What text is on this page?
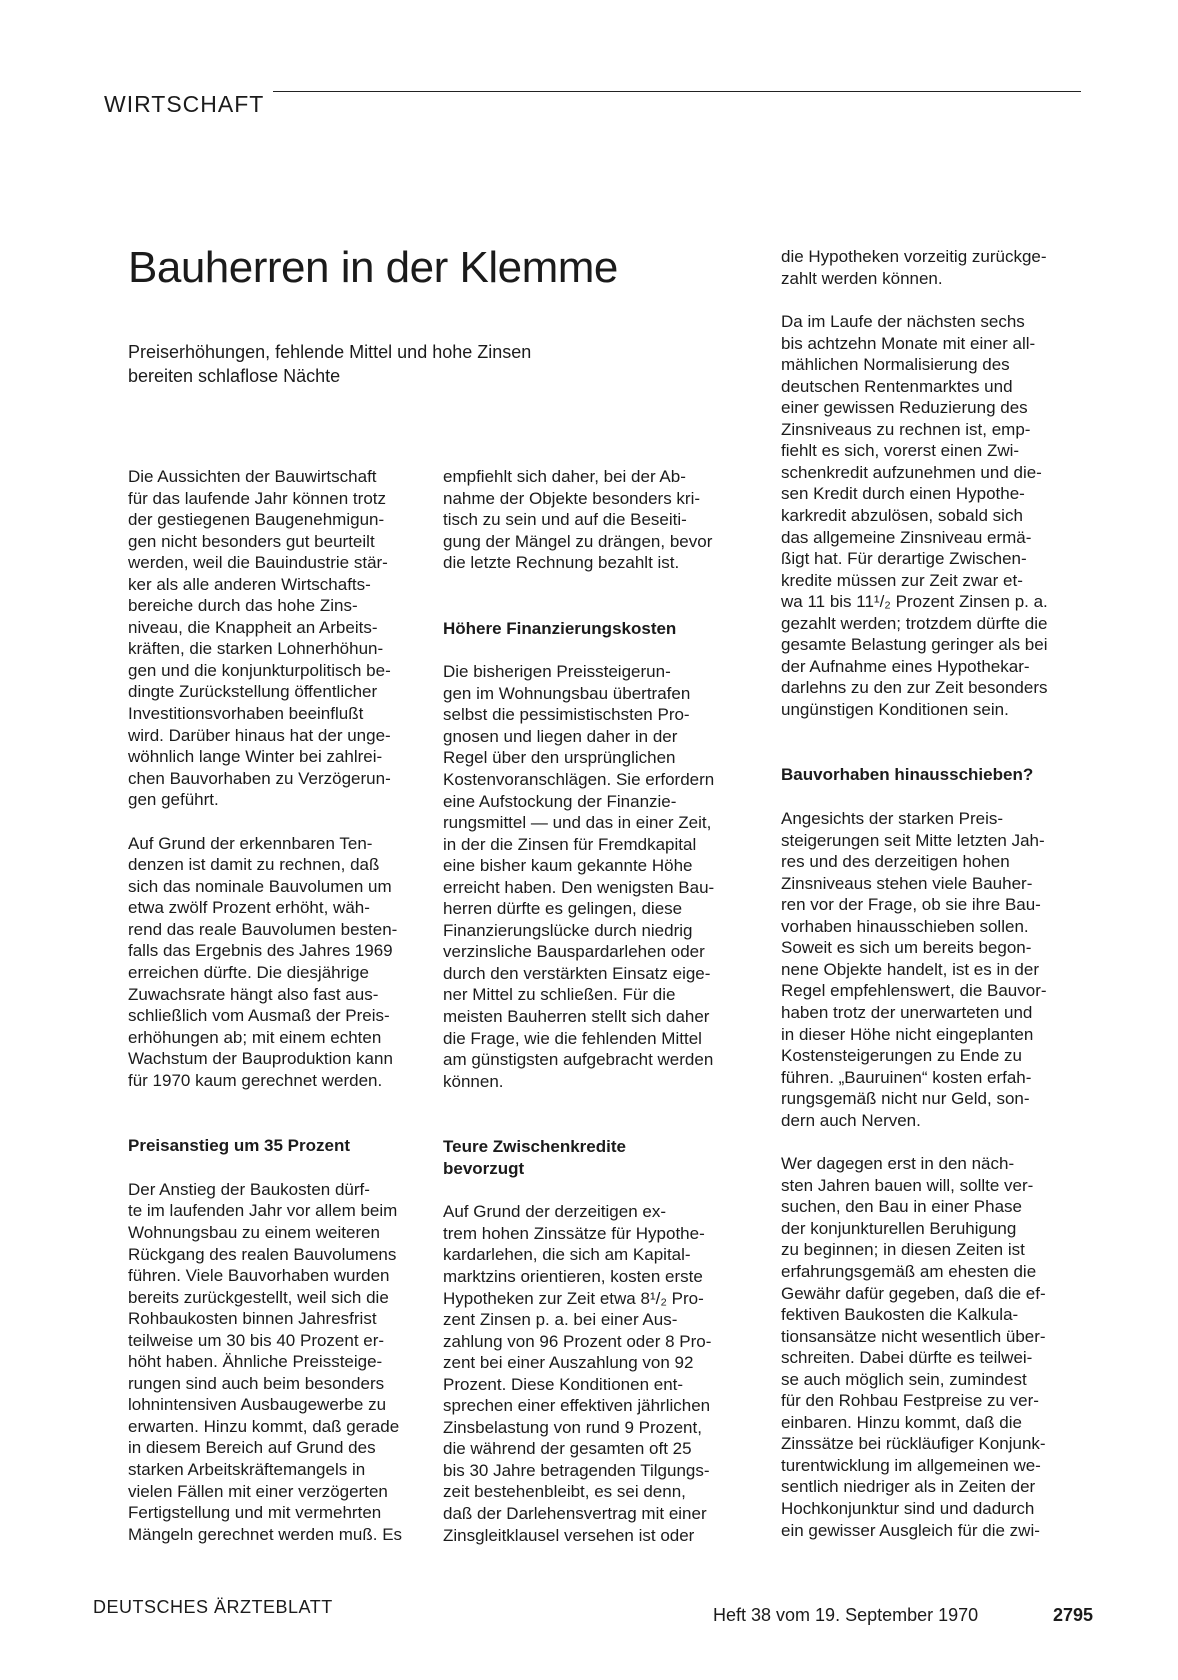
WIRTSCHAFT
Bauherren in der Klemme

Preiserhöhungen, fehlende Mittel und hohe Zinsen
bereiten schlaflose Nächte

Die Aussichten der Bauwirtschaft
für das laufende Jahr können trotz
der gestiegenen Baugenehmigun-
gen nicht besonders gut beurteilt
werden, weil die Bauindustrie stär-
ker als alle anderen Wirtschafts-
bereiche durch das hohe Zins-
niveau, die Knappheit an Arbeits-
kräften, die starken Lohnerhöhun-
gen und die konjunkturpolitisch be-
dingte Zurückstellung öffentlicher
Investitionsvorhaben beeinflußt
wird. Darüber hinaus hat der unge-
wöhnlich lange Winter bei zahlrei-
chen Bauvorhaben zu Verzögerun-
gen geführt.

Auf Grund der erkennbaren Ten-
denzen ist damit zu rechnen, daß
sich das nominale Bauvolumen um
etwa zwölf Prozent erhöht, wäh-
rend das reale Bauvolumen besten-
falls das Ergebnis des Jahres 1969
erreichen dürfte. Die diesjährige
Zuwachsrate hängt also fast aus-
schließlich vom Ausmaß der Preis-
erhöhungen ab; mit einem echten
Wachstum der Bauproduktion kann
für 1970 kaum gerechnet werden.

Preisanstieg um 35 Prozent

Der Anstieg der Baukosten dürf-
te im laufenden Jahr vor allem beim
Wohnungsbau zu einem weiteren
Rückgang des realen Bauvolumens
führen. Viele Bauvorhaben wurden
bereits zurückgestellt, weil sich die
Rohbaukosten binnen Jahresfrist
teilweise um 30 bis 40 Prozent er-
höht haben. Ähnliche Preissteige-
rungen sind auch beim besonders
lohnintensiven Ausbaugewerbe zu
erwarten. Hinzu kommt, daß gerade
in diesem Bereich auf Grund des
starken Arbeitskräftemangels in
vielen Fällen mit einer verzögerten
Fertigstellung und mit vermehrten
Mängeln gerechnet werden muß. Es

empfiehlt sich daher, bei der Ab-
nahme der Objekte besonders kri-
tisch zu sein und auf die Beseiti-
gung der Mängel zu drängen, bevor
die letzte Rechnung bezahlt ist.

Höhere Finanzierungskosten

Die bisherigen Preissteigerun-
gen im Wohnungsbau übertrafen
selbst die pessimistischsten Pro-
gnosen und liegen daher in der
Regel über den ursprünglichen
Kostenvoranschlägen. Sie erfordern
eine Aufstockung der Finanzie-
rungsmittel — und das in einer Zeit,
in der die Zinsen für Fremdkapital
eine bisher kaum gekannte Höhe
erreicht haben. Den wenigsten Bau-
herren dürfte es gelingen, diese
Finanzierungslücke durch niedrig
verzinsliche Bauspardarlehen oder
durch den verstärkten Einsatz eige-
ner Mittel zu schließen. Für die
meisten Bauherren stellt sich daher
die Frage, wie die fehlenden Mittel
am günstigsten aufgebracht werden
können.

Teure Zwischenkredite
bevorzugt

Auf Grund der derzeitigen ex-
trem hohen Zinssätze für Hypothe-
kardarlehen, die sich am Kapital-
marktzins orientieren, kosten erste
Hypotheken zur Zeit etwa 8¹/₂ Pro-
zent Zinsen p. a. bei einer Aus-
zahlung von 96 Prozent oder 8 Pro-
zent bei einer Auszahlung von 92
Prozent. Diese Konditionen ent-
sprechen einer effektiven jährlichen
Zinsbelastung von rund 9 Prozent,
die während der gesamten oft 25
bis 30 Jahre betragenden Tilgungs-
zeit bestehenbleibt, es sei denn,
daß der Darlehensvertrag mit einer
Zinsgleitklausel versehen ist oder

die Hypotheken vorzeitig zurückge-
zahlt werden können.

Da im Laufe der nächsten sechs
bis achtzehn Monate mit einer all-
mählichen Normalisierung des
deutschen Rentenmarktes und
einer gewissen Reduzierung des
Zinsniveaus zu rechnen ist, emp-
fiehlt es sich, vorerst einen Zwi-
schenkredit aufzunehmen und die-
sen Kredit durch einen Hypothe-
karkredit abzulösen, sobald sich
das allgemeine Zinsniveau ermä-
ßigt hat. Für derartige Zwischen-
kredite müssen zur Zeit zwar et-
wa 11 bis 11¹/₂ Prozent Zinsen p. a.
gezahlt werden; trotzdem dürfte die
gesamte Belastung geringer als bei
der Aufnahme eines Hypothekar-
darlehns zu den zur Zeit besonders
ungünstigen Konditionen sein.

Bauvorhaben hinausschieben?

Angesichts der starken Preis-
steigerungen seit Mitte letzten Jah-
res und des derzeitigen hohen
Zinsniveaus stehen viele Bauher-
ren vor der Frage, ob sie ihre Bau-
vorhaben hinausschieben sollen.
Soweit es sich um bereits begon-
nene Objekte handelt, ist es in der
Regel empfehlenswert, die Bauvor-
haben trotz der unerwarteten und
in dieser Höhe nicht eingeplanten
Kostensteigerungen zu Ende zu
führen. „Bauruinen“ kosten erfah-
rungsgemäß nicht nur Geld, son-
dern auch Nerven.

Wer dagegen erst in den näch-
sten Jahren bauen will, sollte ver-
suchen, den Bau in einer Phase
der konjunkturellen Beruhigung
zu beginnen; in diesen Zeiten ist
erfahrungsgemäß am ehesten die
Gewähr dafür gegeben, daß die ef-
fektiven Baukosten die Kalkula-
tionsansätze nicht wesentlich über-
schreiten. Dabei dürfte es teilwei-
se auch möglich sein, zumindest
für den Rohbau Festpreise zu ver-
einbaren. Hinzu kommt, daß die
Zinssätze bei rückläufiger Konjunk-
turentwicklung im allgemeinen we-
sentlich niedriger als in Zeiten der
Hochkonjunktur sind und dadurch
ein gewisser Ausgleich für die zwi-

DEUTSCHES ÄRZTEBLATT	Heft 38 vom 19. September 1970	2795
